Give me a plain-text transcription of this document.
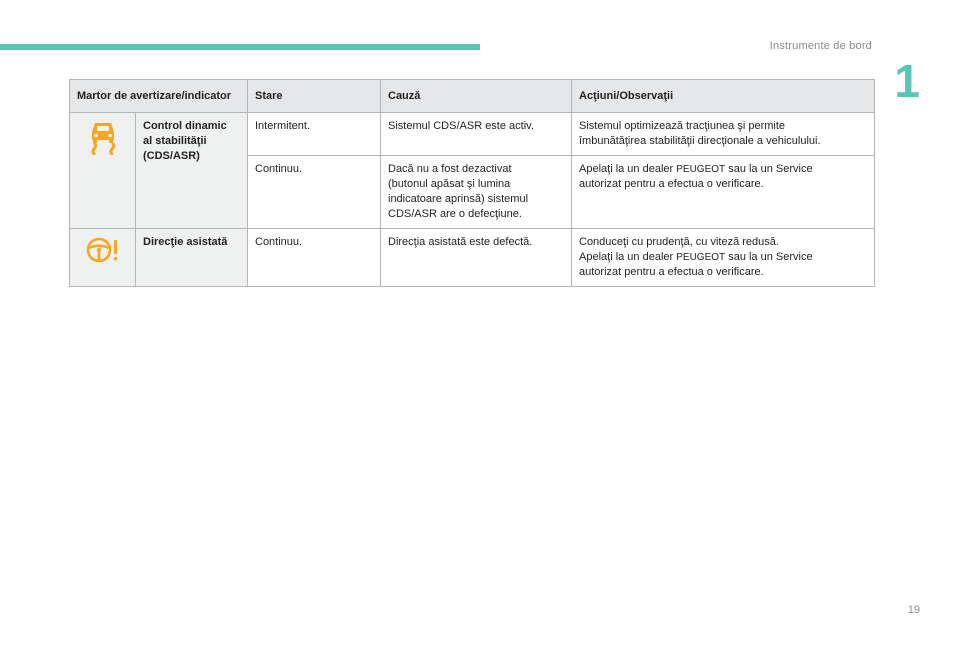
Instrumente de bord
1
Martor de avertizare/indicator		Stare	Cauză	Acţiuni/Observaţii

Control dinamic
al stabilităţii
(CDS/ASR)	Intermitent.	Sistemul CDS/ASR este activ.	Sistemul optimizează tracţiunea şi permite
îmbunătăţirea stabilităţii direcţionale a vehiculului.

		Continuu.	Dacă nu a fost dezactivat
(butonul apăsat şi lumina
indicatoare aprinsă) sistemul
CDS/ASR are o defecţiune.	Apelaţi la un dealer PEUGEOT sau la un Service
autorizat pentru a efectua o verificare.

Direcţie asistată	Continuu.	Direcţia asistată este defectă.	Conduceţi cu prudenţă, cu viteză redusă.
Apelaţi la un dealer PEUGEOT sau la un Service
autorizat pentru a efectua o verificare.
19
